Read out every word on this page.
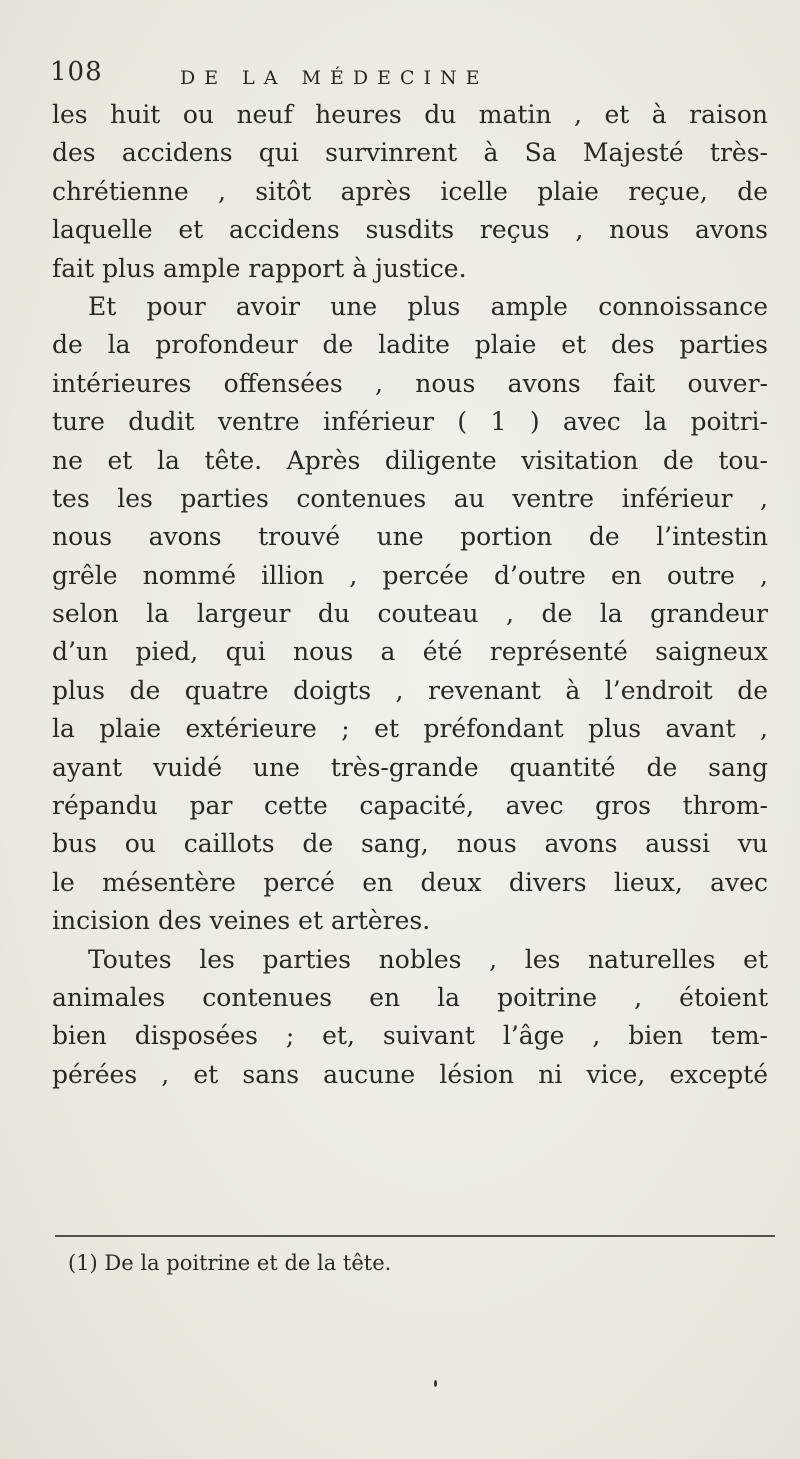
108	DE LA MÉDECINE
les huit ou neuf heures du matin , et à raison
des accidens qui survinrent à Sa Majesté très-
chrétienne , sitôt après icelle plaie reçue, de
laquelle et accidens susdits reçus , nous avons
fait plus ample rapport à justice.
Et pour avoir une plus ample connoissance
de la profondeur de ladite plaie et des parties
intérieures offensées , nous avons fait ouver-
ture dudit ventre inférieur ( 1 ) avec la poitri-
ne et la tête. Après diligente visitation de tou-
tes les parties contenues au ventre inférieur ,
nous avons trouvé une portion de l’intestin
grêle nommé illion , percée d’outre en outre ,
selon la largeur du couteau , de la grandeur
d’un pied, qui nous a été représenté saigneux
plus de quatre doigts , revenant à l’endroit de
la plaie extérieure ; et préfondant plus avant ,
ayant vuidé une très-grande quantité de sang
répandu par cette capacité, avec gros throm-
bus ou caillots de sang, nous avons aussi vu
le mésentère percé en deux divers lieux, avec
incision des veines et artères.
Toutes les parties nobles , les naturelles et
animales contenues en la poitrine , étoient
bien disposées ; et, suivant l’âge , bien tem-
pérées , et sans aucune lésion ni vice, excepté
(1) De la poitrine et de la tête.
